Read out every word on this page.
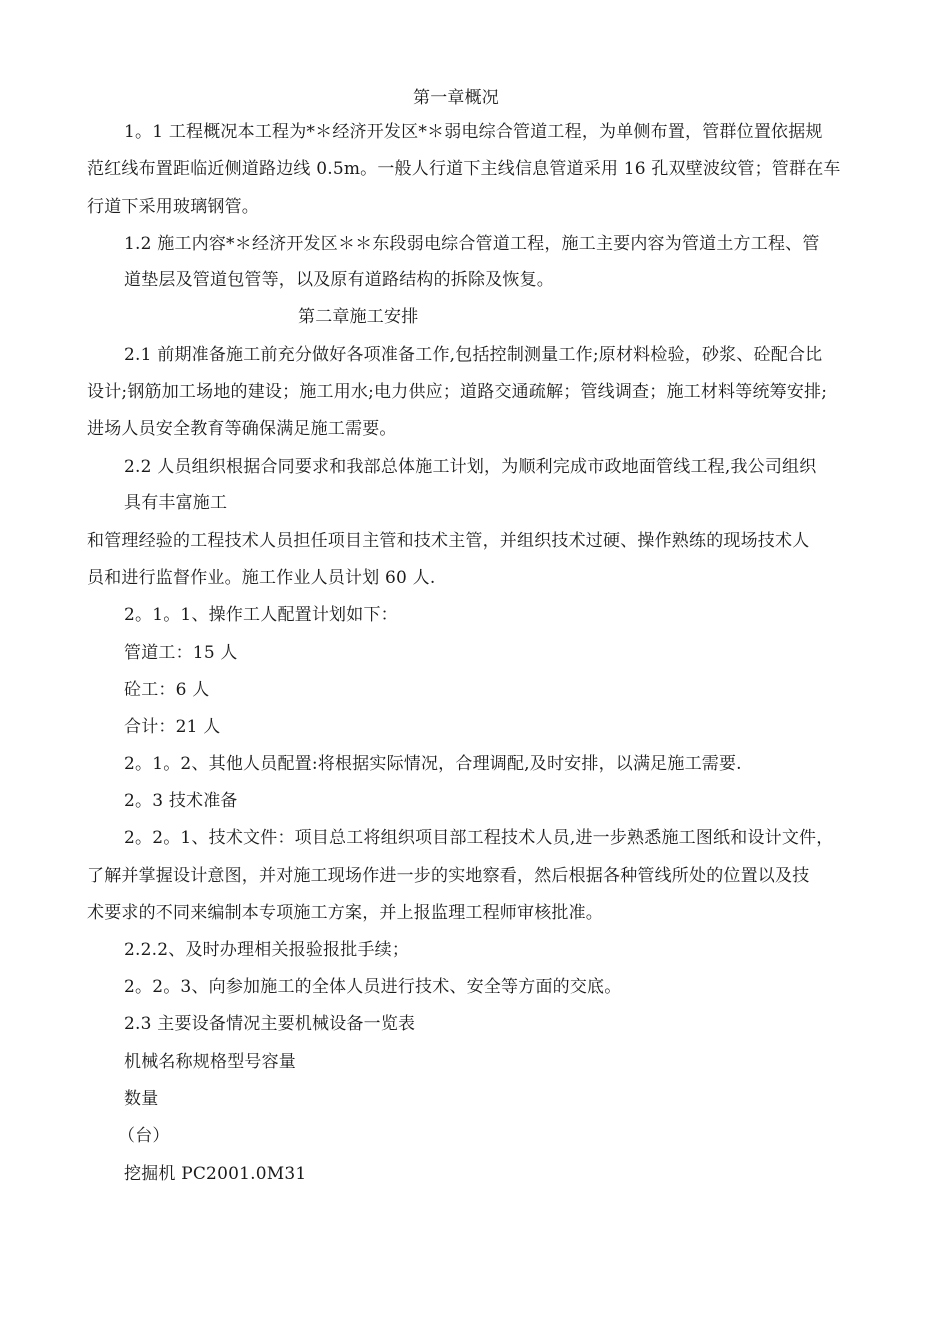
第一章概况
1。1 工程概况本工程为*＊经济开发区*＊弱电综合管道工程，为单侧布置，管群位置依据规
范红线布置距临近侧道路边线 0.5m。一般人行道下主线信息管道采用 16 孔双壁波纹管；管群在车
行道下采用玻璃钢管。
1.2 施工内容*＊经济开发区＊＊东段弱电综合管道工程，施工主要内容为管道土方工程、管
道垫层及管道包管等，以及原有道路结构的拆除及恢复。
第二章施工安排
2.1 前期准备施工前充分做好各项准备工作,包括控制测量工作;原材料检验，砂浆、砼配合比
设计;钢筋加工场地的建设；施工用水;电力供应；道路交通疏解；管线调查；施工材料等统筹安排;
进场人员安全教育等确保满足施工需要。
2.2 人员组织根据合同要求和我部总体施工计划，为顺利完成市政地面管线工程,我公司组织
具有丰富施工
和管理经验的工程技术人员担任项目主管和技术主管，并组织技术过硬、操作熟练的现场技术人
员和进行监督作业。施工作业人员计划 60 人.
2。1。1、操作工人配置计划如下：
管道工：15 人
砼工：6 人
合计：21 人
2。1。2、其他人员配置:将根据实际情况，合理调配,及时安排，以满足施工需要.
2。3 技术准备
2。2。1、技术文件：项目总工将组织项目部工程技术人员,进一步熟悉施工图纸和设计文件，
了解并掌握设计意图，并对施工现场作进一步的实地察看，然后根据各种管线所处的位置以及技
术要求的不同来编制本专项施工方案，并上报监理工程师审核批准。
2.2.2、及时办理相关报验报批手续；
2。2。3、向参加施工的全体人员进行技术、安全等方面的交底。
2.3 主要设备情况主要机械设备一览表
机械名称规格型号容量
数量
（台）
挖掘机 PC2001.0M31
